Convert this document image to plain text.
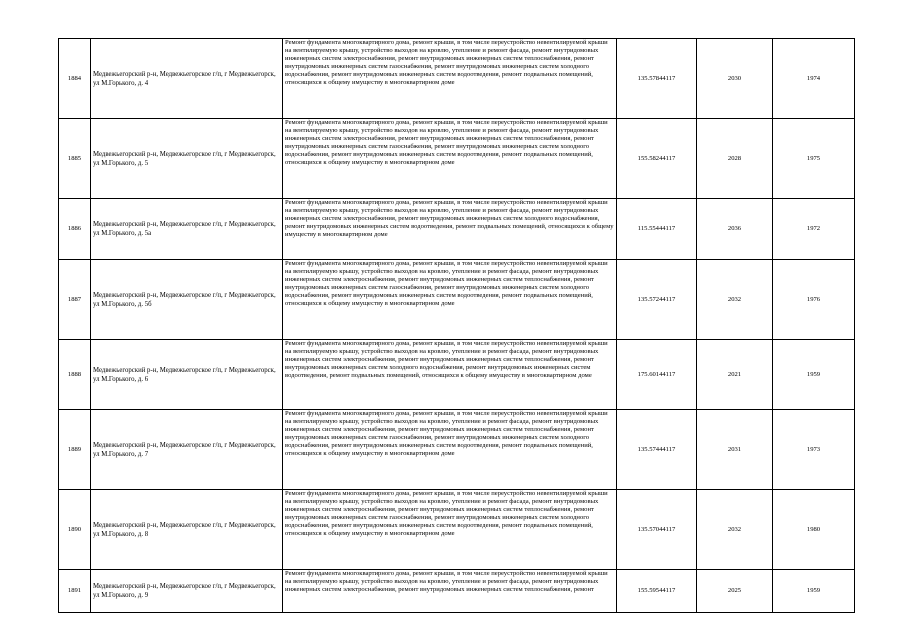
1884	Медвежьегорский р-н, Медвежьегорское г/п, г Медвежьегорск, ул М.Горького, д. 4	Ремонт фундамента многоквартирного дома, ремонт крыши, в том числе переустройство невентилируемой крыши на вентилируемую крышу, устройство выходов на кровлю, утепление и ремонт фасада, ремонт внутридомовых инженерных систем электроснабжения, ремонт внутридомовых инженерных систем теплоснабжения, ремонт внутридомовых инженерных систем газоснабжения, ремонт внутридомовых инженерных систем холодного водоснабжения, ремонт внутридомовых инженерных систем водоотведения, ремонт подвальных помещений, относящихся к общему имуществу в многоквартирном доме	135.57844117	2030	1974
1885	Медвежьегорский р-н, Медвежьегорское г/п, г Медвежьегорск, ул М.Горького, д. 5	Ремонт фундамента многоквартирного дома, ремонт крыши, в том числе переустройство невентилируемой крыши на вентилируемую крышу, устройство выходов на кровлю, утепление и ремонт фасада, ремонт внутридомовых инженерных систем электроснабжения, ремонт внутридомовых инженерных систем теплоснабжения, ремонт внутридомовых инженерных систем газоснабжения, ремонт внутридомовых инженерных систем холодного водоснабжения, ремонт внутридомовых инженерных систем водоотведения, ремонт подвальных помещений, относящихся к общему имуществу в многоквартирном доме	155.58244117	2028	1975
1886	Медвежьегорский р-н, Медвежьегорское г/п, г Медвежьегорск, ул М.Горького, д. 5а	Ремонт фундамента многоквартирного дома, ремонт крыши, в том числе переустройство невентилируемой крыши на вентилируемую крышу, устройство выходов на кровлю, утепление и ремонт фасада, ремонт внутридомовых инженерных систем электроснабжения, ремонт внутридомовых инженерных систем холодного водоснабжения, ремонт внутридомовых инженерных систем водоотведения, ремонт подвальных помещений, относящихся к общему имуществу в многоквартирном доме	115.55444117	2036	1972
1887	Медвежьегорский р-н, Медвежьегорское г/п, г Медвежьегорск, ул М.Горького, д. 5б	Ремонт фундамента многоквартирного дома, ремонт крыши, в том числе переустройство невентилируемой крыши на вентилируемую крышу, устройство выходов на кровлю, утепление и ремонт фасада, ремонт внутридомовых инженерных систем электроснабжения, ремонт внутридомовых инженерных систем теплоснабжения, ремонт внутридомовых инженерных систем газоснабжения, ремонт внутридомовых инженерных систем холодного водоснабжения, ремонт внутридомовых инженерных систем водоотведения, ремонт подвальных помещений, относящихся к общему имуществу в многоквартирном доме	135.57244117	2032	1976
1888	Медвежьегорский р-н, Медвежьегорское г/п, г Медвежьегорск, ул М.Горького, д. 6	Ремонт фундамента многоквартирного дома, ремонт крыши, в том числе переустройство невентилируемой крыши на вентилируемую крышу, устройство выходов на кровлю, утепление и ремонт фасада, ремонт внутридомовых инженерных систем электроснабжения, ремонт внутридомовых инженерных систем теплоснабжения, ремонт внутридомовых инженерных систем холодного водоснабжения, ремонт внутридомовых инженерных систем водоотведения, ремонт подвальных помещений, относящихся к общему имуществу в многоквартирном доме	175.60144117	2021	1959
1889	Медвежьегорский р-н, Медвежьегорское г/п, г Медвежьегорск, ул М.Горького, д. 7	Ремонт фундамента многоквартирного дома, ремонт крыши, в том числе переустройство невентилируемой крыши на вентилируемую крышу, устройство выходов на кровлю, утепление и ремонт фасада, ремонт внутридомовых инженерных систем электроснабжения, ремонт внутридомовых инженерных систем теплоснабжения, ремонт внутридомовых инженерных систем газоснабжения, ремонт внутридомовых инженерных систем холодного водоснабжения, ремонт внутридомовых инженерных систем водоотведения, ремонт подвальных помещений, относящихся к общему имуществу в многоквартирном доме	135.57444117	2031	1973
1890	Медвежьегорский р-н, Медвежьегорское г/п, г Медвежьегорск, ул М.Горького, д. 8	Ремонт фундамента многоквартирного дома, ремонт крыши, в том числе переустройство невентилируемой крыши на вентилируемую крышу, устройство выходов на кровлю, утепление и ремонт фасада, ремонт внутридомовых инженерных систем электроснабжения, ремонт внутридомовых инженерных систем теплоснабжения, ремонт внутридомовых инженерных систем газоснабжения, ремонт внутридомовых инженерных систем холодного водоснабжения, ремонт внутридомовых инженерных систем водоотведения, ремонт подвальных помещений, относящихся к общему имуществу в многоквартирном доме	135.57044117	2032	1980
1891	Медвежьегорский р-н, Медвежьегорское г/п, г Медвежьегорск, ул М.Горького, д. 9	Ремонт фундамента многоквартирного дома, ремонт крыши, в том числе переустройство невентилируемой крыши на вентилируемую крышу, устройство выходов на кровлю, утепление и ремонт фасада, ремонт внутридомовых инженерных систем электроснабжения, ремонт внутридомовых инженерных систем теплоснабжения, ремонт	155.59544117	2025	1959
